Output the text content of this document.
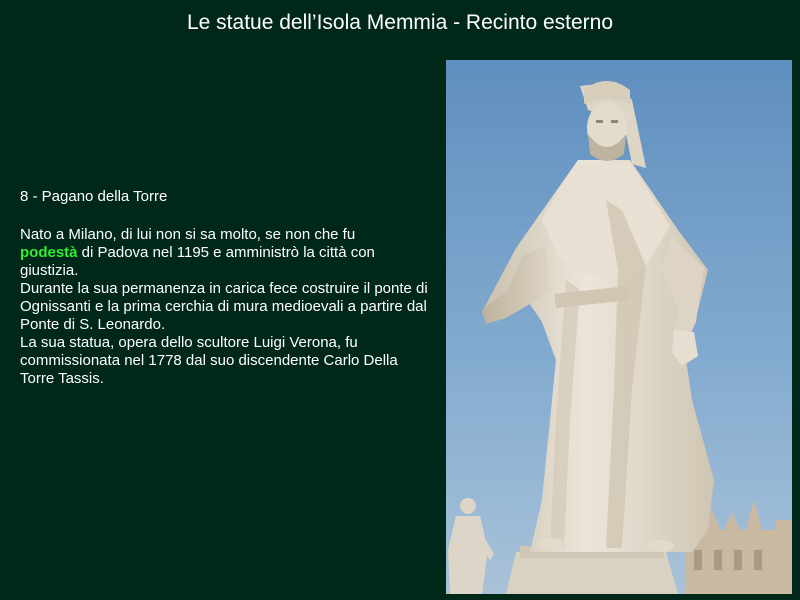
Le statue dell’Isola Memmia - Recinto esterno
8 - Pagano della Torre

Nato a Milano, di lui non si sa molto, se non che fu
podestà di Padova nel 1195 e amministrò la città con giustizia.

Durante la sua permanenza in carica fece costruire il ponte di Ognissanti e la prima cerchia di mura medioevali a partire dal Ponte di S. Leonardo.

La sua statua, opera dello scultore Luigi Verona, fu commissionata nel 1778 dal suo discendente Carlo Della Torre Tassis.
